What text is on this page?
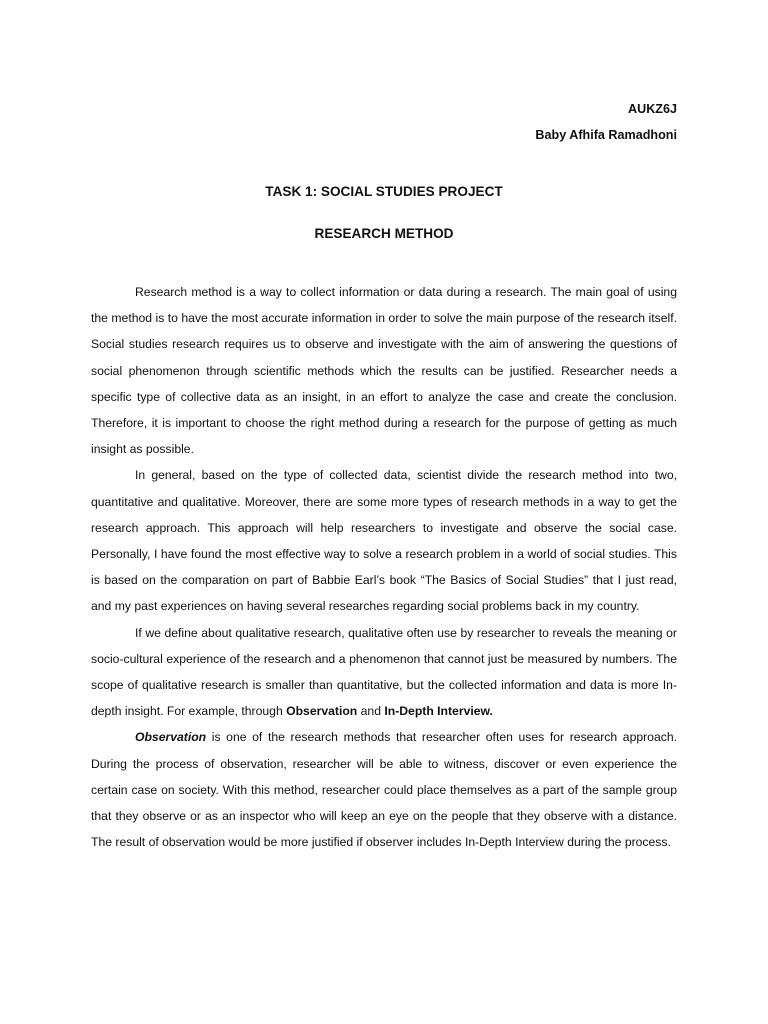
AUKZ6J
Baby Afhifa Ramadhoni
TASK 1: SOCIAL STUDIES PROJECT
RESEARCH METHOD

Research method is a way to collect information or data during a research. The main goal of using the method is to have the most accurate information in order to solve the main purpose of the research itself. Social studies research requires us to observe and investigate with the aim of answering the questions of social phenomenon through scientific methods which the results can be justified. Researcher needs a specific type of collective data as an insight, in an effort to analyze the case and create the conclusion. Therefore, it is important to choose the right method during a research for the purpose of getting as much insight as possible.

In general, based on the type of collected data, scientist divide the research method into two, quantitative and qualitative. Moreover, there are some more types of research methods in a way to get the research approach. This approach will help researchers to investigate and observe the social case. Personally, I have found the most effective way to solve a research problem in a world of social studies. This is based on the comparation on part of Babbie Earl’s book “The Basics of Social Studies” that I just read, and my past experiences on having several researches regarding social problems back in my country.

If we define about qualitative research, qualitative often use by researcher to reveals the meaning or socio-cultural experience of the research and a phenomenon that cannot just be measured by numbers. The scope of qualitative research is smaller than quantitative, but the collected information and data is more In-depth insight. For example, through Observation and In-Depth Interview.

Observation is one of the research methods that researcher often uses for research approach. During the process of observation, researcher will be able to witness, discover or even experience the certain case on society. With this method, researcher could place themselves as a part of the sample group that they observe or as an inspector who will keep an eye on the people that they observe with a distance. The result of observation would be more justified if observer includes In-Depth Interview during the process.
